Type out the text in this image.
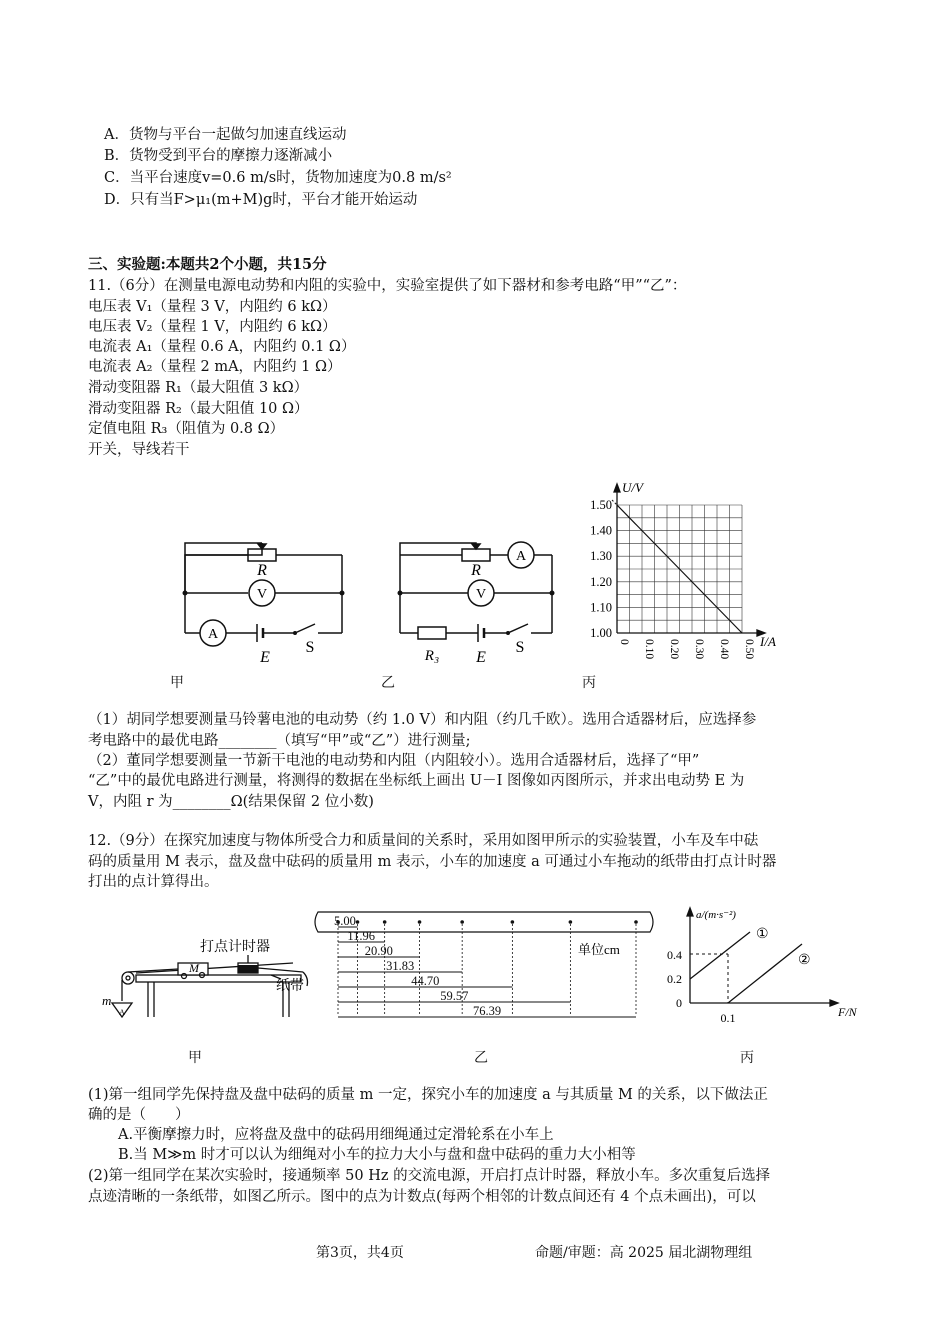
A．货物与平台一起做匀加速直线运动
B．货物受到平台的摩擦力逐渐减小
C．当平台速度v=0.6 m/s时，货物加速度为0.8 m/s²
D．只有当F>μ₁(m+M)g时，平台才能开始运动
三、实验题:本题共2个小题，共15分
11.（6分）在测量电源电动势和内阻的实验中，实验室提供了如下器材和参考电路“甲”“乙”：
电压表 V₁（量程 3 V，内阻约 6 kΩ）
电压表 V₂（量程 1 V，内阻约 6 kΩ）
电流表 A₁（量程 0.6 A，内阻约 0.1 Ω）
电流表 A₂（量程 2 mA，内阻约 1 Ω）
滑动变阻器 R₁（最大阻值 3 kΩ）
滑动变阻器 R₂（最大阻值 10 Ω）
定值电阻 R₃（阻值为 0.8 Ω）
开关，导线若干
R
V
A
E
S
R
A
V
R₃ E
S
U/V
I/A
1.50
1.40
1.30
1.20
1.10
1.00
0 0.10 0.20 0.30 0.40 0.50
甲	乙	丙
（1）胡同学想要测量马铃薯电池的电动势（约 1.0 V）和内阻（约几千欧）。选用合适器材后，应选择参
考电路中的最优电路________（填写“甲”或“乙”）进行测量;
（2）董同学想要测量一节新干电池的电动势和内阻（内阻较小）。选用合适器材后，选择了“甲”
“乙”中的最优电路进行测量，将测得的数据在坐标纸上画出 U－I 图像如丙图所示，并求出电动势 E 为
V，内阻 r 为________Ω(结果保留 2 位小数)
12.（9分）在探究加速度与物体所受合力和质量间的关系时，采用如图甲所示的实验装置，小车及车中砝
码的质量用 M 表示，盘及盘中砝码的质量用 m 表示，小车的加速度 a 可通过小车拖动的纸带由打点计时器
打出的点计算得出。
M
m
A
打点计时器
纸带
5.00
11.96
20.90
31.83
44.70
59.57
76.39
单位cm
a/(m·s⁻²)
F/N
0.4
0.2
0
0.1
①
②
甲	乙	丙
(1)第一组同学先保持盘及盘中砝码的质量 m 一定，探究小车的加速度 a 与其质量 M 的关系，以下做法正
确的是（　　）
A.平衡摩擦力时，应将盘及盘中的砝码用细绳通过定滑轮系在小车上
B.当 M≫m 时才可以认为细绳对小车的拉力大小与盘和盘中砝码的重力大小相等
(2)第一组同学在某次实验时，接通频率 50 Hz 的交流电源，开启打点计时器，释放小车。多次重复后选择
点迹清晰的一条纸带，如图乙所示。图中的点为计数点(每两个相邻的计数点间还有 4 个点未画出)，可以
第3页，共4页	命题/审题：高 2025 届北湖物理组
